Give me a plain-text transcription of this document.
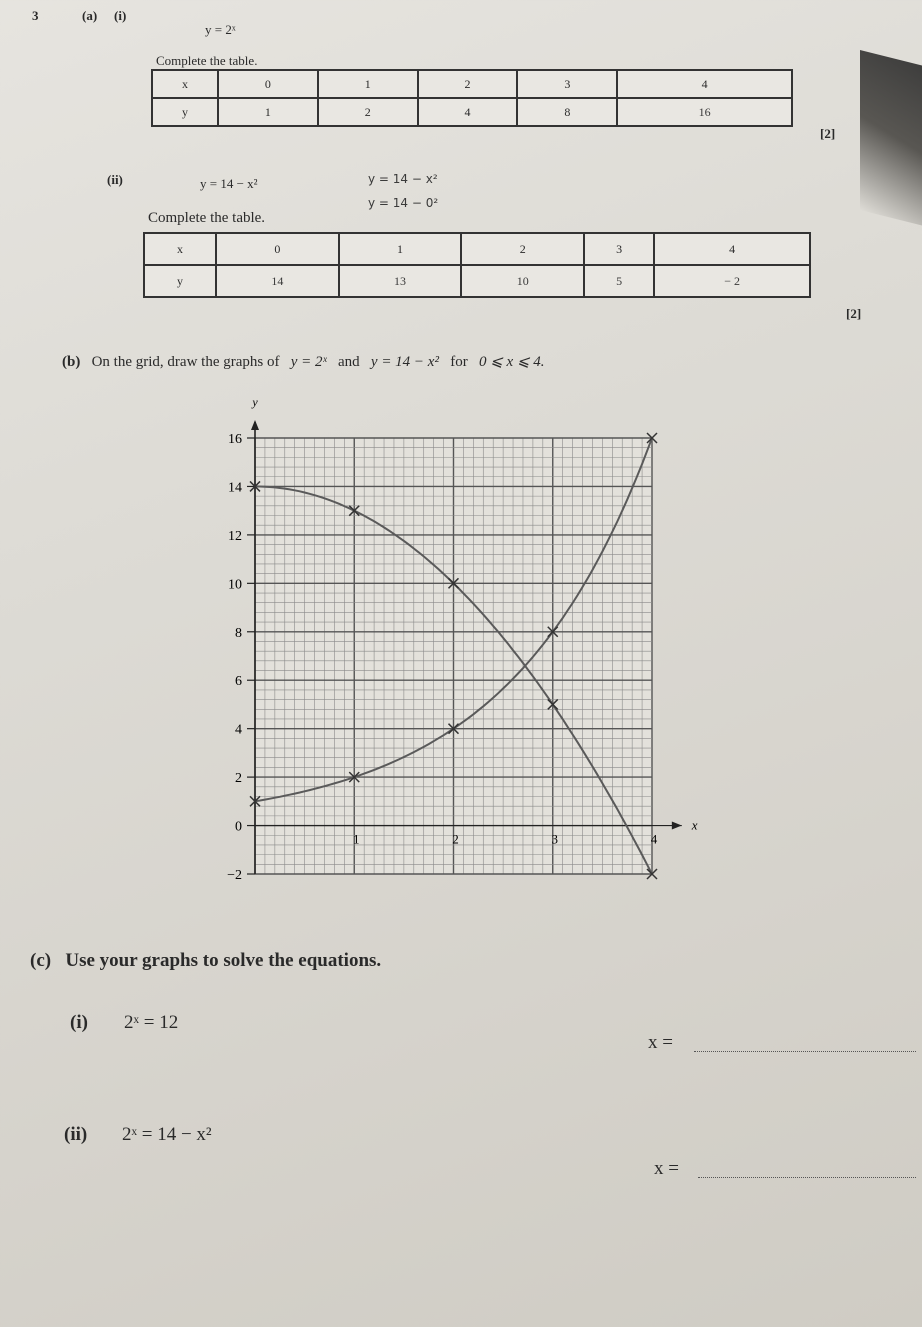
3	(a) (i)
y = 2ˣ
Complete the table.
x	0	1	2	3	4
y	1	2	4	8	16
[2]
(ii)	y = 14 − x²	y = 14 − x²
y = 14 − 0²
Complete the table.
x	0	1	2	3	4
y	14	13	10	5	− 2
[2]
(b) On the grid, draw the graphs of y = 2ˣ and y = 14 − x² for 0 ⩽ x ⩽ 4.
y
x
16
14
12
10
8
6
4
2
0
−2
1	2	3	4
(c) Use your graphs to solve the equations.
(i) 2ˣ = 12
x =
(ii) 2ˣ = 14 − x²
x =
